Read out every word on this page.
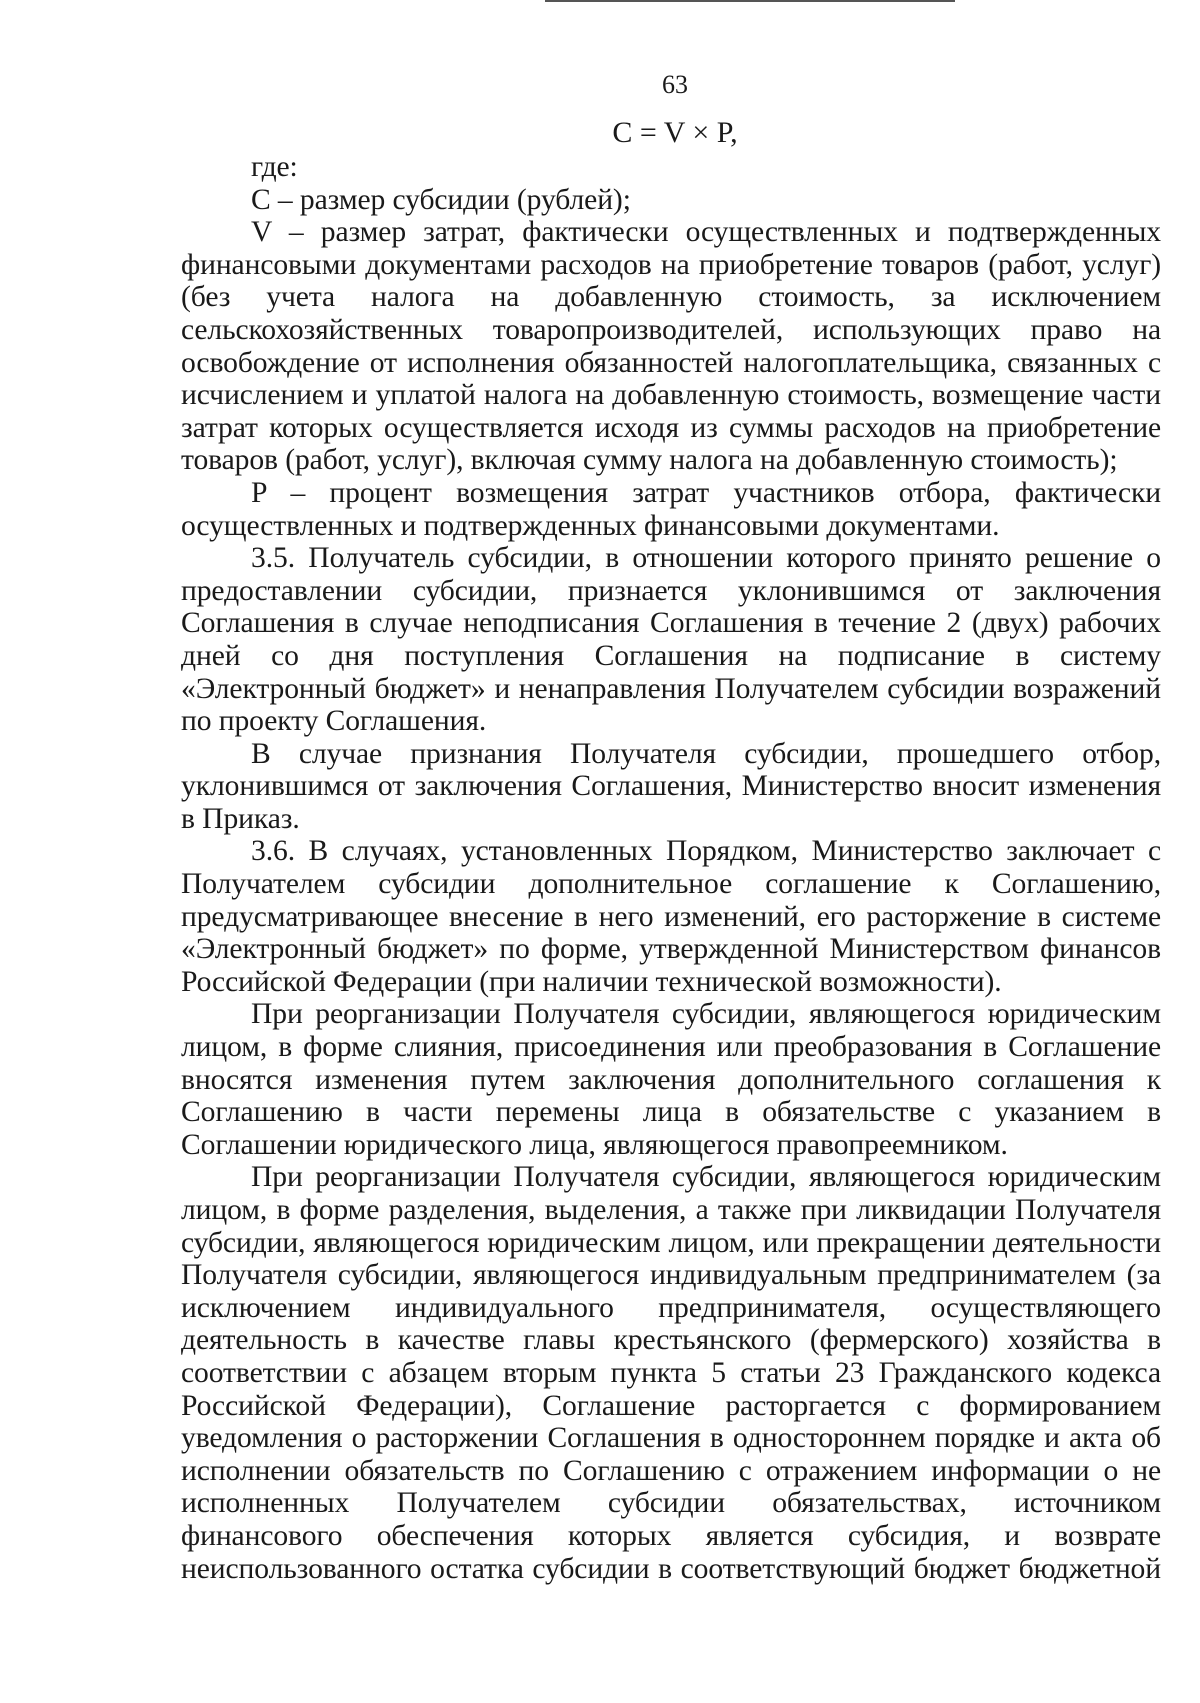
63
C = V × P,

где:

С – размер субсидии (рублей);

V – размер затрат, фактически осуществленных и подтвержденных финансовыми документами расходов на приобретение товаров (работ, услуг) (без учета налога на добавленную стоимость, за исключением сельскохозяйственных товаропроизводителей, использующих право на освобождение от исполнения обязанностей налогоплательщика, связанных с исчислением и уплатой налога на добавленную стоимость, возмещение части затрат которых осуществляется исходя из суммы расходов на приобретение товаров (работ, услуг), включая сумму налога на добавленную стоимость);

P – процент возмещения затрат участников отбора, фактически осуществленных и подтвержденных финансовыми документами.

3.5. Получатель субсидии, в отношении которого принято решение о предоставлении субсидии, признается уклонившимся от заключения Соглашения в случае неподписания Соглашения в течение 2 (двух) рабочих дней со дня поступления Соглашения на подписание в систему «Электронный бюджет» и ненаправления Получателем субсидии возражений по проекту Соглашения.

В случае признания Получателя субсидии, прошедшего отбор, уклонившимся от заключения Соглашения, Министерство вносит изменения в Приказ.

3.6. В случаях, установленных Порядком, Министерство заключает с Получателем субсидии дополнительное соглашение к Соглашению, предусматривающее внесение в него изменений, его расторжение в системе «Электронный бюджет» по форме, утвержденной Министерством финансов Российской Федерации (при наличии технической возможности).

При реорганизации Получателя субсидии, являющегося юридическим лицом, в форме слияния, присоединения или преобразования в Соглашение вносятся изменения путем заключения дополнительного соглашения к Соглашению в части перемены лица в обязательстве с указанием в Соглашении юридического лица, являющегося правопреемником.

При реорганизации Получателя субсидии, являющегося юридическим лицом, в форме разделения, выделения, а также при ликвидации Получателя субсидии, являющегося юридическим лицом, или прекращении деятельности Получателя субсидии, являющегося индивидуальным предпринимателем (за исключением индивидуального предпринимателя, осуществляющего деятельность в качестве главы крестьянского (фермерского) хозяйства в соответствии с абзацем вторым пункта 5 статьи 23 Гражданского кодекса Российской Федерации), Соглашение расторгается с формированием уведомления о расторжении Соглашения в одностороннем порядке и акта об исполнении обязательств по Соглашению с отражением информации о не исполненных Получателем субсидии обязательствах, источником финансового обеспечения которых является субсидия, и возврате неиспользованного остатка субсидии в соответствующий бюджет бюджетной
